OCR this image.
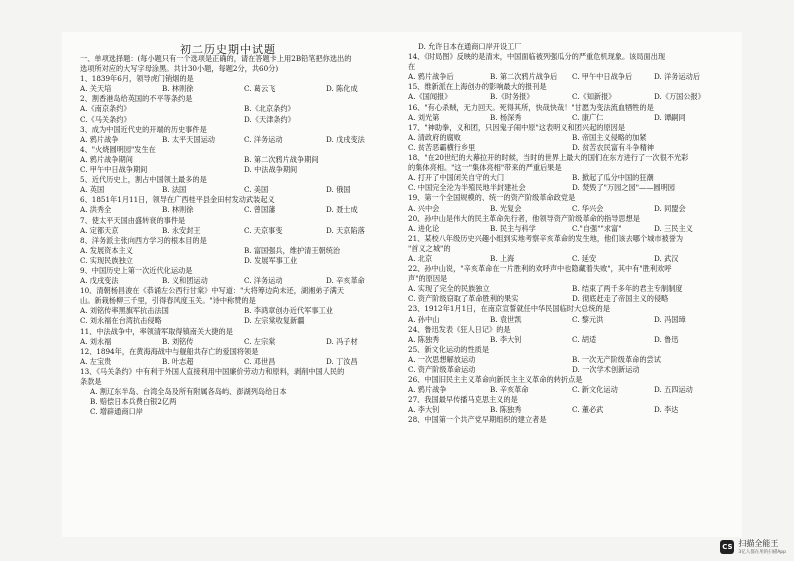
初二历史期中试题
一、单项选择题：(每小题只有一个选项是正确的，请在答题卡上用2B铅笔把你选出的
选项所对应的大写字母涂黑。共计30小题，每题2分，共60分)
1、1839年6月，领导虎门销烟的是
A. 关天培	B. 林则徐	C. 葛云飞	D. 陈化成
2、割香港岛给英国的不平等条约是
A.《南京条约》	B.《北京条约》
C.《马关条约》	D.《天津条约》
3、成为中国近代史的开端的历史事件是
A. 鸦片战争	B. 太平天国运动	C. 洋务运动	D. 戊戌变法
4、"火烧圆明园"发生在
A. 鸦片战争期间	B. 第二次鸦片战争期间
C. 甲午中日战争期间	D. 中法战争期间
5、近代历史上，割占中国领土最多的是
A. 英国	B. 法国	C. 美国	D. 俄国
6、1851年1月11日，领导在广西桂平县金田村发动武装起义
A. 洪秀全	B. 林则徐	C. 曾国藩	D. 聂士成
7、使太平天国由盛转衰的事件是
A. 定都天京	B. 永安封王	C. 天京事变	D. 天京陷落
8、洋务派主张向西方学习的根本目的是
A. 发展资本主义	B. 富国强兵，维护清王朝统治
C. 实现民族独立	D. 发展军事工业
9、中国历史上第一次近代化运动是
A. 戊戌变法	B. 义和团运动	C. 洋务运动	D. 辛亥革命
10、清朝杨昌浚在《恭诵左公西行甘棠》中写道："大将筹边尚未还，湖湘弟子满天
山。新栽杨柳三千里，引得春风度玉关。"诗中称赞的是
A. 刘铭传率黑旗军抗击法国	B. 李鸿章创办近代军事工业
C. 刘永福在台湾抗击侵略	D. 左宗棠收复新疆
11、中法战争中，率领清军取得镇南关大捷的是
A. 刘永福	B. 刘铭传	C. 左宗棠	D. 冯子材
12、1894年，在黄海海战中与舰船共存亡的爱国将领是
A. 左宝贵	B. 叶志超	C. 邓世昌	D. 丁汝昌
13、《马关条约》中有利于外国人直接利用中国廉价劳动力和原料，剥削中国人民的
条款是
A. 割辽东半岛、台湾全岛及所有附属各岛屿、澎湖列岛给日本
B. 赔偿日本兵费白银2亿两
C. 增辟通商口岸
D. 允许日本在通商口岸开设工厂
14、《时局图》反映的是清末，中国面临被列强瓜分的严重危机现象。该局面出现
在
A. 鸦片战争后	B. 第二次鸦片战争后	C. 甲午中日战争后	D. 洋务运动后
15、维新派在上海创办的影响最大的报刊是
A.《国闻报》	B.《时务报》	C.《知新报》	D.《万国公报》
16、"有心杀贼，无力回天。死得其所，快哉快哉！"甘愿为变法流血牺牲的是
A. 刘光第	B. 杨深秀	C. 康广仁	D. 谭嗣同
17、"神助拳，义和团，只因鬼子闹中原"这表明义和团兴起的原因是
A. 清政府的腐败	B. 帝国主义侵略的加紧
C. 贫苦恶霸横行乡里	D. 贫苦农民富有斗争精神
18、"在20世纪的大幕拉开的时候，当时的世界上最大的国们在东方进行了一次很不光彩
的集体亮相。"这一"集体亮相"带来的严重后果是
A. 打开了中国闭关自守的大门	B. 掀起了瓜分中国的狂潮
C. 中国完全沦为半殖民地半封建社会	D. 焚毁了"万园之园"——圆明园
19、第一个全国规模的、统一的资产阶级革命政党是
A. 兴中会	B. 光复会	C. 华兴会	D. 同盟会
20、孙中山是伟大的民主革命先行者，他领导资产阶级革命的指导思想是
A. 进化论	B. 民主与科学	C."自强""求富"	D. 三民主义
21、某校八年级历史兴趣小组到实地考察辛亥革命的发生地，他们该去哪个城市被誉为
"首义之城"的
A. 北京	B. 上海	C. 延安	D. 武汉
22、孙中山说，"辛亥革命在一片胜利的欢呼声中也隐藏着失败"，其中有"胜利欢呼
声"的原因是
A. 实现了完全的民族独立	B. 结束了两千多年的君主专制制度
C. 资产阶级窃取了革命胜利的果实	D. 彻底赶走了帝国主义的侵略
23、1912年1月1日，在南京宣誓就任中华民国临时大总统的是
A. 孙中山	B. 袁世凯	C. 黎元洪	D. 冯国璋
24、鲁迅发表《狂人日记》的是
A. 陈独秀	B. 李大钊	C. 胡适	D. 鲁迅
25、新文化运动的性质是
A. 一次思想解放运动	B. 一次无产阶级革命的尝试
C. 资产阶级革命运动	D. 一次学术创新运动
26、中国旧民主主义革命向新民主主义革命的转折点是
A. 鸦片战争	B. 辛亥革命	C. 新文化运动	D. 五四运动
27、我国最早传播马克思主义的是
A. 李大钊	B. 陈独秀	C. 董必武	D. 李达
28、中国第一个共产党早期组织的建立者是
CS 扫描全能王
3亿人都在用的扫描App
